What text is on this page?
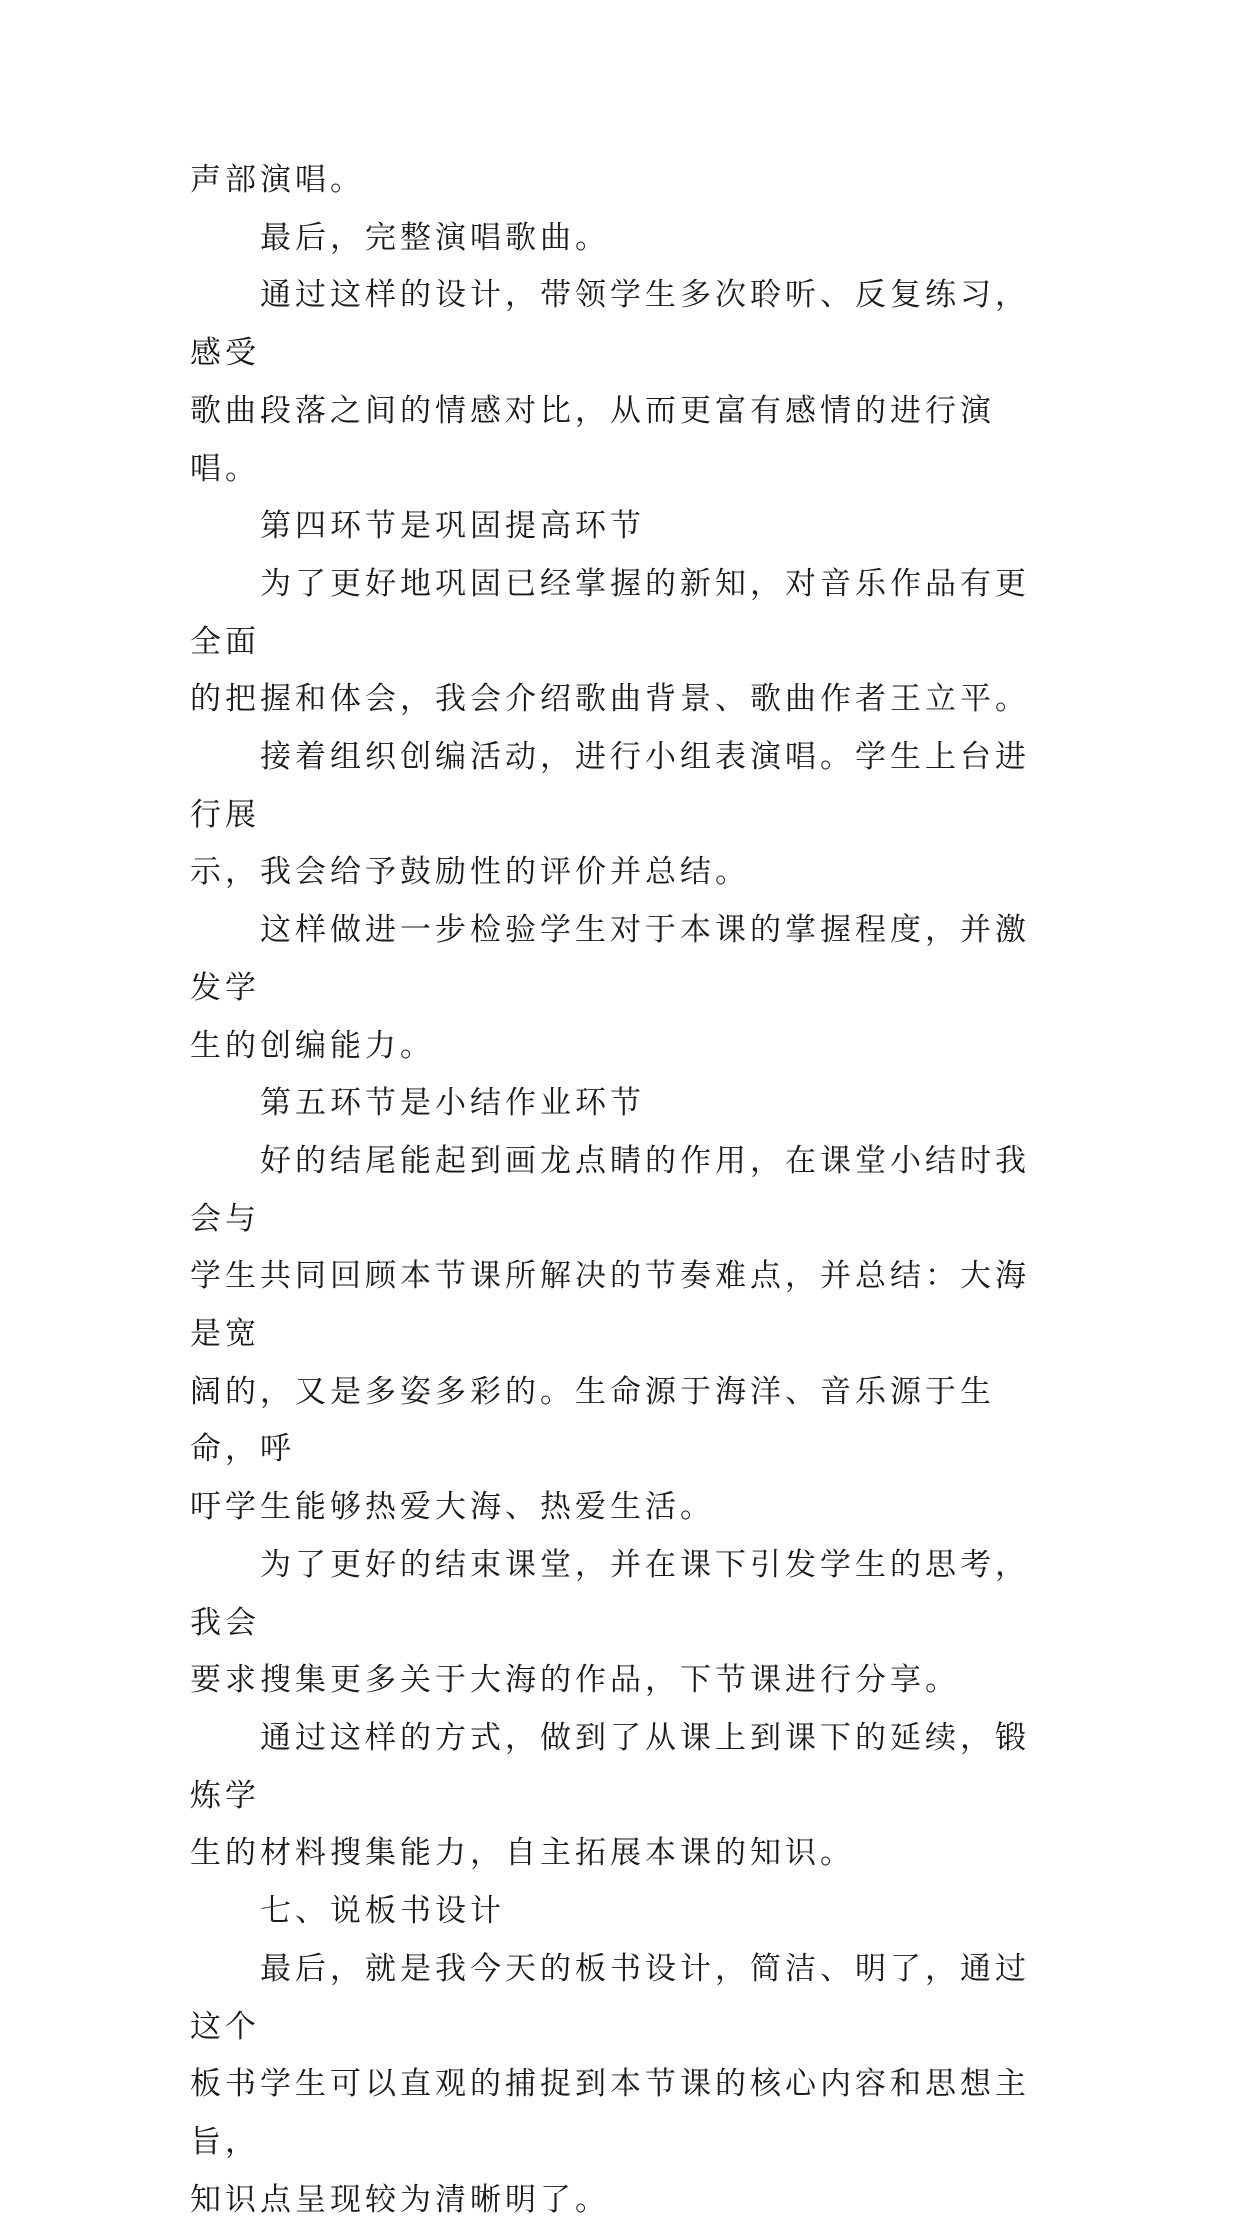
声部演唱。

　　最后，完整演唱歌曲。

　　通过这样的设计，带领学生多次聆听、反复练习，感受
歌曲段落之间的情感对比，从而更富有感情的进行演唱。

　　第四环节是巩固提高环节

　　为了更好地巩固已经掌握的新知，对音乐作品有更全面
的把握和体会，我会介绍歌曲背景、歌曲作者王立平。

　　接着组织创编活动，进行小组表演唱。学生上台进行展
示，我会给予鼓励性的评价并总结。

　　这样做进一步检验学生对于本课的掌握程度，并激发学
生的创编能力。

　　第五环节是小结作业环节

　　好的结尾能起到画龙点睛的作用，在课堂小结时我会与
学生共同回顾本节课所解决的节奏难点，并总结：大海是宽
阔的，又是多姿多彩的。生命源于海洋、音乐源于生命，呼
吁学生能够热爱大海、热爱生活。

　　为了更好的结束课堂，并在课下引发学生的思考，我会
要求搜集更多关于大海的作品，下节课进行分享。

　　通过这样的方式，做到了从课上到课下的延续，锻炼学
生的材料搜集能力，自主拓展本课的知识。

　　七、说板书设计

　　最后，就是我今天的板书设计，简洁、明了，通过这个
板书学生可以直观的捕捉到本节课的核心内容和思想主旨，
知识点呈现较为清晰明了。
